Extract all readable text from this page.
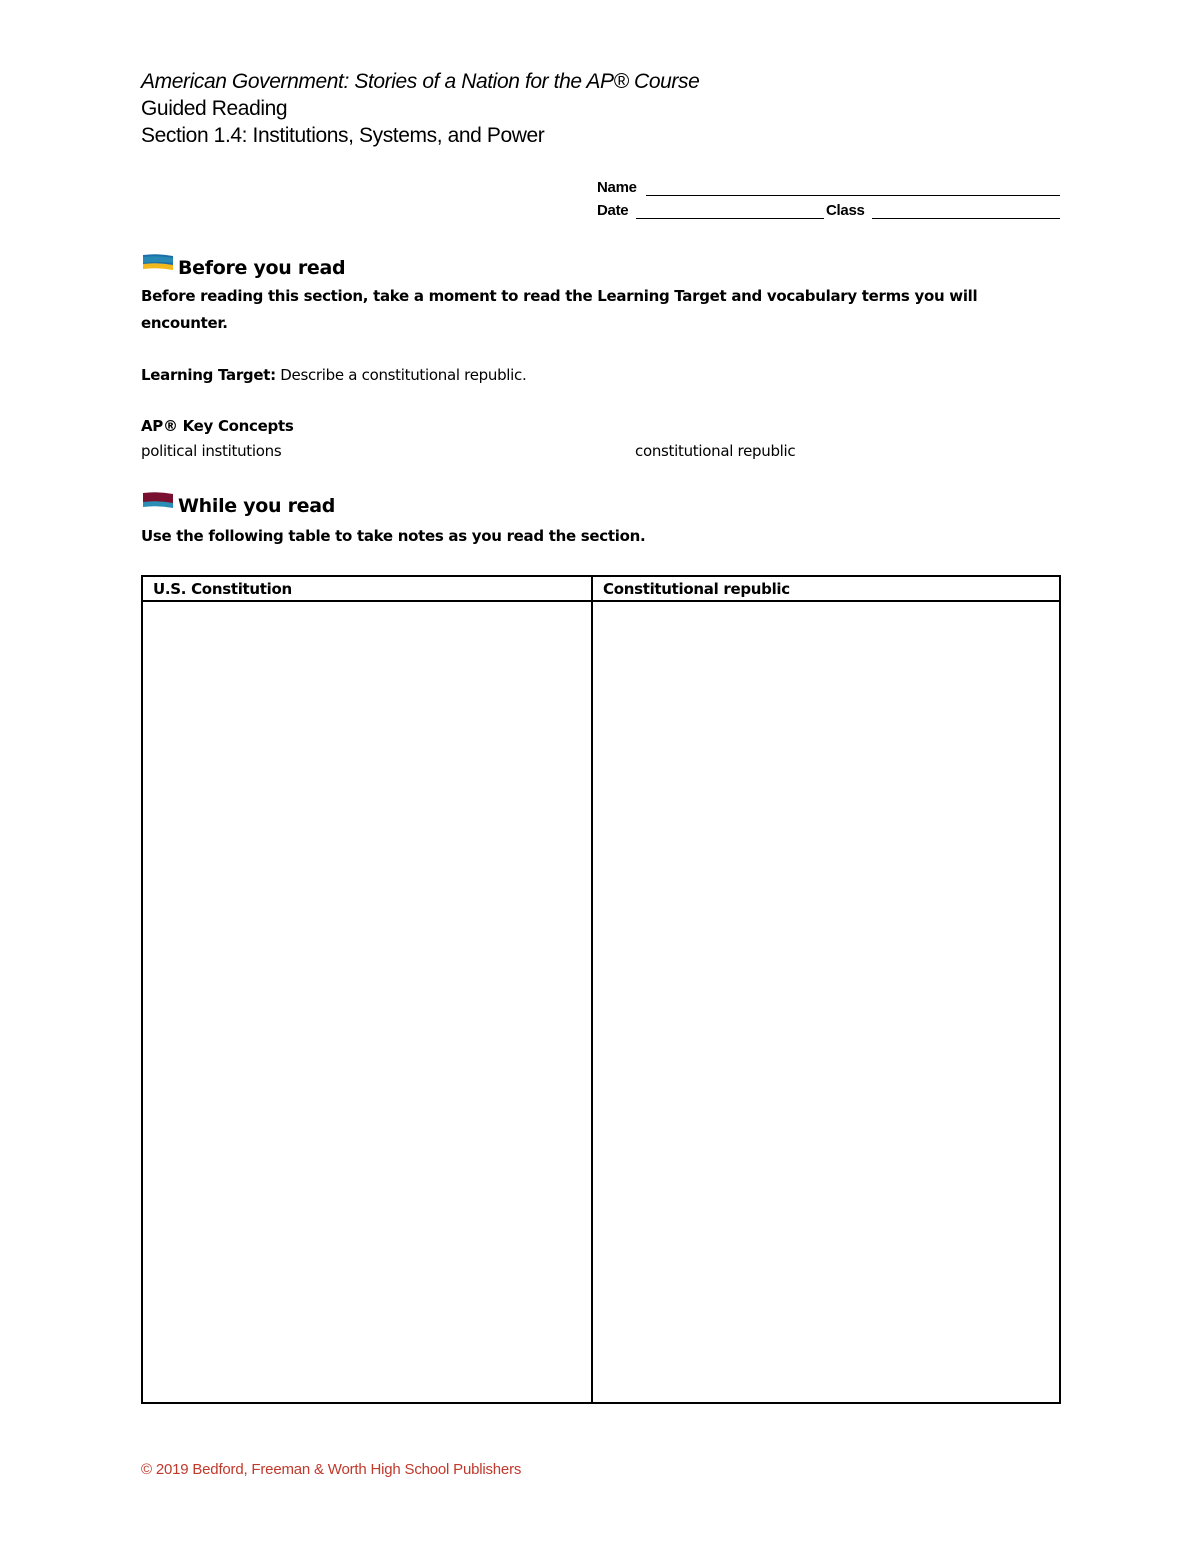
American Government: Stories of a Nation for the AP® Course
Guided Reading
Section 1.4: Institutions, Systems, and Power
Name
Date	Class
Before you read
Before reading this section, take a moment to read the Learning Target and vocabulary terms you will encounter.
Learning Target: Describe a constitutional republic.
AP® Key Concepts
political institutions	constitutional republic
While you read
Use the following table to take notes as you read the section.
U.S. Constitution	Constitutional republic

© 2019 Bedford, Freeman & Worth High School Publishers
